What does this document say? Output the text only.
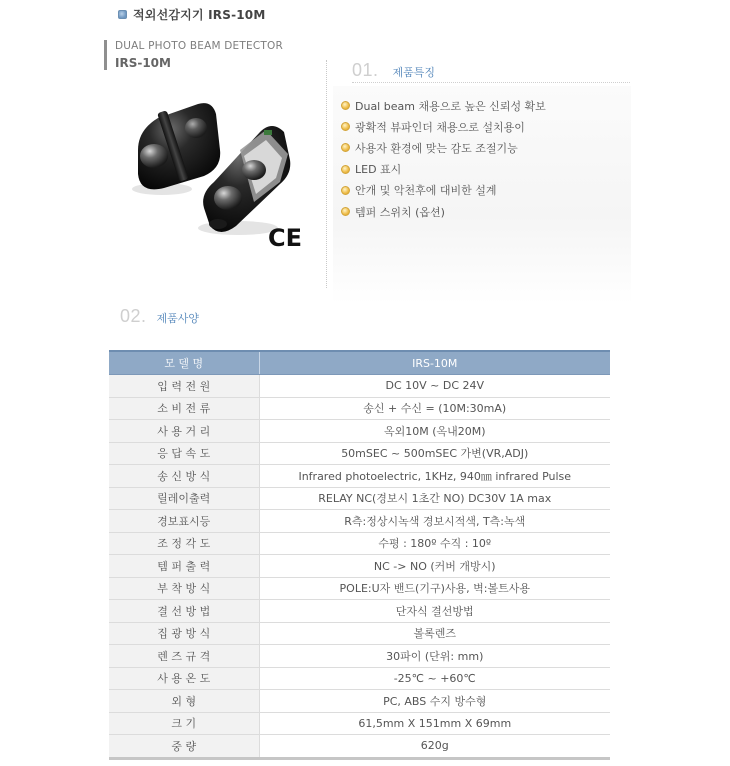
적외선감지기 IRS-10M
DUAL PHOTO BEAM DETECTOR
IRS-10M
CE
01. 제품특징
Dual beam 채용으로 높은 신뢰성 확보
광확적 뷰파인더 채용으로 설치용이
사용자 환경에 맞는 감도 조절기능
LED 표시
안개 및 악천후에 대비한 설계
템퍼 스위치 (옵션)
02. 제품사양
모 델 명	IRS-10M
입 력 전 원	DC 10V ~ DC 24V
소 비 전 류	송신 + 수신 = (10M:30mA)
사 용 거 리	옥외10M (옥내20M)
응 답 속 도	50mSEC ~ 500mSEC 가변(VR,ADJ)
송 신 방 식	Infrared photoelectric, 1KHz, 940㎚ infrared Pulse
릴레이출력	RELAY NC(경보시 1초간 NO) DC30V 1A max
경보표시등	R측:정상시녹색 경보시적색, T측:녹색
조 정 각 도	수평 : 180º 수직 : 10º
템 퍼 출 력	NC -> NO (커버 개방시)
부 착 방 식	POLE:U자 밴드(기구)사용, 벽:볼트사용
결 선 방 법	단자식 결선방법
집 광 방 식	볼록렌즈
렌 즈 규 격	30파이 (단위: mm)
사 용 온 도	-25℃ ~ +60℃
외 형	PC, ABS 수지 방수형
크 기	61,5mm X 151mm X 69mm
중 량	620g
